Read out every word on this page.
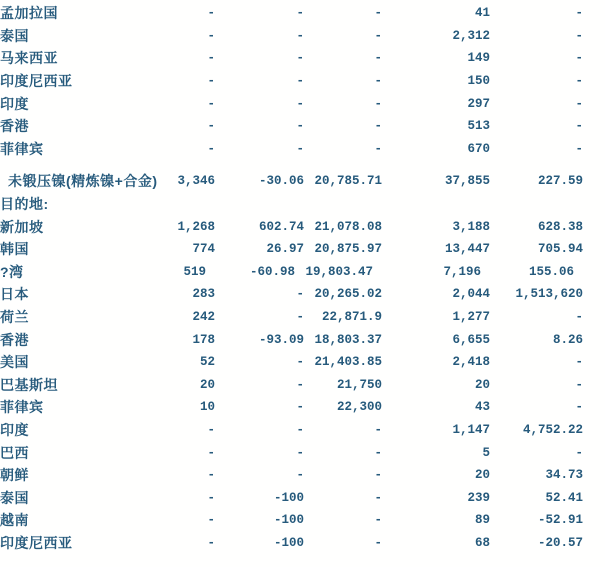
孟加拉国	-	-	-	41	-	
泰国	-	-	-	2,312	-	
马来西亚	-	-	-	149	-	
印度尼西亚	-	-	-	150	-	
印度	-	-	-	297	-	
香港	-	-	-	513	-	
菲律宾	-	-	-	670	-	

未锻压镍(精炼镍+合金)	3,346	-30.06	20,785.71	37,855	227.59	
目的地:						
新加坡	1,268	602.74	21,078.08	3,188	628.38	
韩国	774	26.97	20,875.97	13,447	705.94	
?湾	519	-60.98	19,803.47	7,196	155.06	
日本	283	-	20,265.02	2,044	1,513,620	
荷兰	242	-	22,871.9	1,277	-	
香港	178	-93.09	18,803.37	6,655	8.26	
美国	52	-	21,403.85	2,418	-	
巴基斯坦	20	-	21,750	20	-	
菲律宾	10	-	22,300	43	-	
印度	-	-	-	1,147	4,752.22	
巴西	-	-	-	5	-	
朝鲜	-	-	-	20	34.73	
泰国	-	-100	-	239	52.41	
越南	-	-100	-	89	-52.91	
印度尼西亚	-	-100	-	68	-20.57	
